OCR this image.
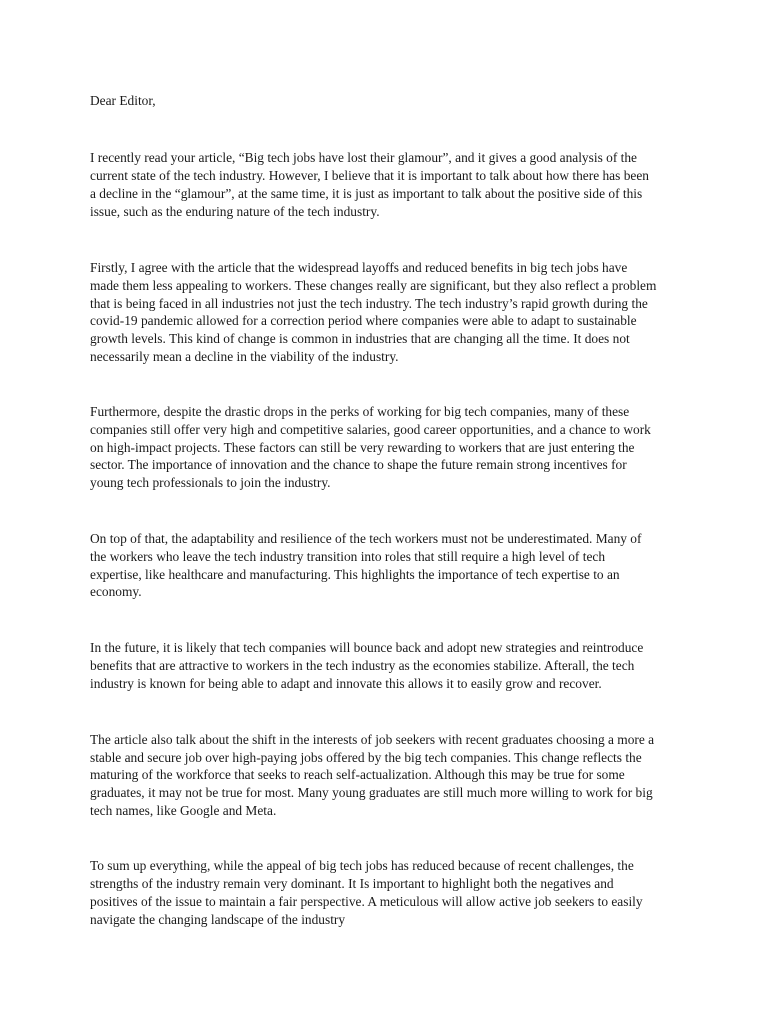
Dear Editor,
I recently read your article, “Big tech jobs have lost their glamour”, and it gives a good analysis of the
current state of the tech industry. However, I believe that it is important to talk about how there has been
a decline in the “glamour”, at the same time, it is just as important to talk about the positive side of this
issue, such as the enduring nature of the tech industry.
Firstly, I agree with the article that the widespread layoffs and reduced benefits in big tech jobs have
made them less appealing to workers. These changes really are significant, but they also reflect a problem
that is being faced in all industries not just the tech industry. The tech industry’s rapid growth during the
covid-19 pandemic allowed for a correction period where companies were able to adapt to sustainable
growth levels. This kind of change is common in industries that are changing all the time. It does not
necessarily mean a decline in the viability of the industry.
Furthermore, despite the drastic drops in the perks of working for big tech companies, many of these
companies still offer very high and competitive salaries, good career opportunities, and a chance to work
on high-impact projects. These factors can still be very rewarding to workers that are just entering the
sector. The importance of innovation and the chance to shape the future remain strong incentives for
young tech professionals to join the industry.
On top of that, the adaptability and resilience of the tech workers must not be underestimated. Many of
the workers who leave the tech industry transition into roles that still require a high level of tech
expertise, like healthcare and manufacturing. This highlights the importance of tech expertise to an
economy.
In the future, it is likely that tech companies will bounce back and adopt new strategies and reintroduce
benefits that are attractive to workers in the tech industry as the economies stabilize. Afterall, the tech
industry is known for being able to adapt and innovate this allows it to easily grow and recover.
The article also talk about the shift in the interests of job seekers with recent graduates choosing a more a
stable and secure job over high-paying jobs offered by the big tech companies. This change reflects the
maturing of the workforce that seeks to reach self-actualization. Although this may be true for some
graduates, it may not be true for most. Many young graduates are still much more willing to work for big
tech names, like Google and Meta.
To sum up everything, while the appeal of big tech jobs has reduced because of recent challenges, the
strengths of the industry remain very dominant. It Is important to highlight both the negatives and
positives of the issue to maintain a fair perspective. A meticulous will allow active job seekers to easily
navigate the changing landscape of the industry
